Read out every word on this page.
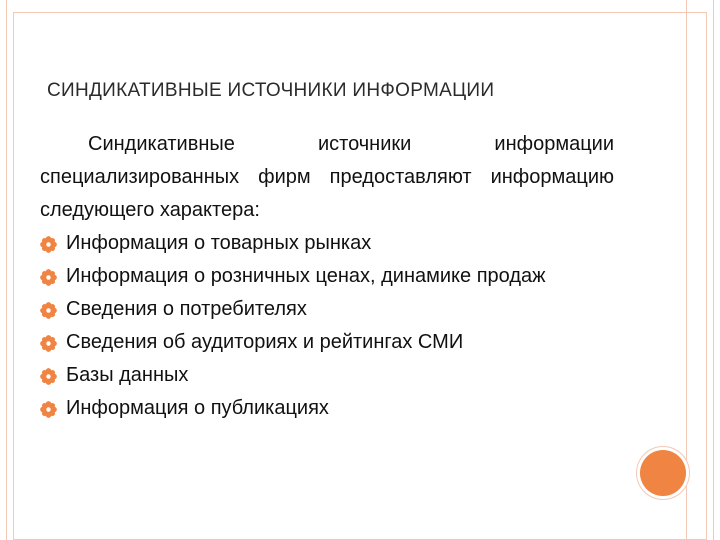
СИНДИКАТИВНЫЕ ИСТОЧНИКИ ИНФОРМАЦИИ

Синдикативные источники информации специализированных фирм предоставляют информацию следующего характера:

Информация о товарных рынках
Информация о розничных ценах, динамике продаж
Сведения о потребителях
Сведения об аудиториях и рейтингах СМИ
Базы данных
Информация о публикациях
